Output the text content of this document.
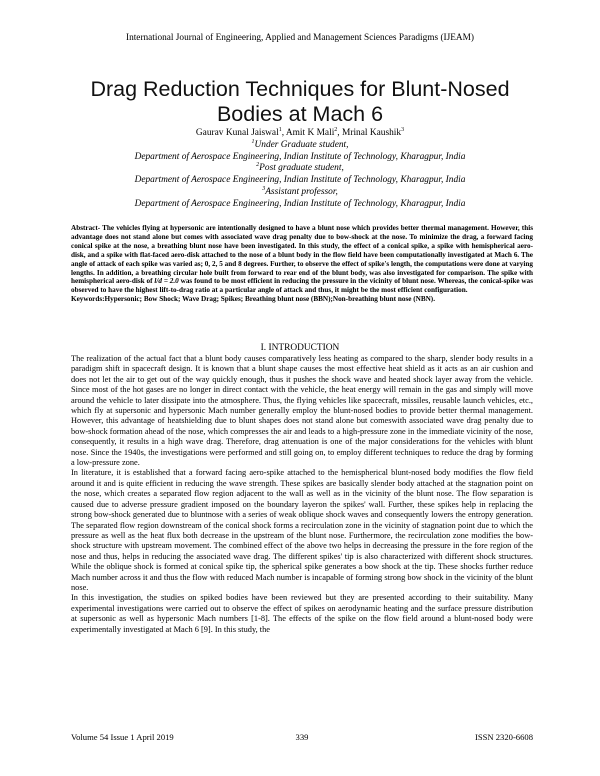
International Journal of Engineering, Applied and Management Sciences Paradigms (IJEAM)
Drag Reduction Techniques for Blunt-Nosed
Bodies at Mach 6
Gaurav Kunal Jaiswal$^1$, Amit K Mali$^2$, Mrinal Kaushik$^3$
$^1$Under Graduate student,
Department of Aerospace Engineering, Indian Institute of Technology, Kharagpur, India
$^2$Post graduate student,
Department of Aerospace Engineering, Indian Institute of Technology, Kharagpur, India
$^3$Assistant professor,
Department of Aerospace Engineering, Indian Institute of Technology, Kharagpur, India
Abstract- The vehicles flying at hypersonic are intentionally designed to have a blunt nose which provides better thermal management. However, this advantage does not stand alone but comes with associated wave drag penalty due to bow-shock at the nose. To minimize the drag, a forward facing conical spike at the nose, a breathing blunt nose have been investigated. In this study, the effect of a conical spike, a spike with hemispherical aero-disk, and a spike with flat-faced aero-disk attached to the nose of a blunt body in the flow field have been computationally investigated at Mach 6. The angle of attack of each spike was varied as; 0, 2, 5 and 8 degrees. Further, to observe the effect of spike's length, the computations were done at varying lengths. In addition, a breathing circular hole built from forward to rear end of the blunt body, was also investigated for comparison. The spike with hemispherical aero-disk of l/d = 2.0 was found to be most efficient in reducing the pressure in the vicinity of blunt nose. Whereas, the conical-spike was observed to have the highest lift-to-drag ratio at a particular angle of attack and thus, it might be the most efficient configuration.
Keywords:Hypersonic; Bow Shock; Wave Drag; Spikes; Breathing blunt nose (BBN);Non-breathing blunt nose (NBN).
I. INTRODUCTION

The realization of the actual fact that a blunt body causes comparatively less heating as compared to the sharp, slender body results in a paradigm shift in spacecraft design. It is known that a blunt shape causes the most effective heat shield as it acts as an air cushion and does not let the air to get out of the way quickly enough, thus it pushes the shock wave and heated shock layer away from the vehicle. Since most of the hot gases are no longer in direct contact with the vehicle, the heat energy will remain in the gas and simply will move around the vehicle to later dissipate into the atmosphere. Thus, the flying vehicles like spacecraft, missiles, reusable launch vehicles, etc., which fly at supersonic and hypersonic Mach number generally employ the blunt-nosed bodies to provide better thermal management. However, this advantage of heatshielding due to blunt shapes does not stand alone but comeswith associated wave drag penalty due to bow-shock formation ahead of the nose, which compresses the air and leads to a high-pressure zone in the immediate vicinity of the nose, consequently, it results in a high wave drag. Therefore, drag attenuation is one of the major considerations for the vehicles with blunt nose. Since the 1940s, the investigations were performed and still going on, to employ different techniques to reduce the drag by forming a low-pressure zone.

In literature, it is established that a forward facing aero-spike attached to the hemispherical blunt-nosed body modifies the flow field around it and is quite efficient in reducing the wave strength. These spikes are basically slender body attached at the stagnation point on the nose, which creates a separated flow region adjacent to the wall as well as in the vicinity of the blunt nose. The flow separation is caused due to adverse pressure gradient imposed on the boundary layeron the spikes' wall. Further, these spikes help in replacing the strong bow-shock generated due to bluntnose with a series of weak oblique shock waves and consequently lowers the entropy generation. The separated flow region downstream of the conical shock forms a recirculation zone in the vicinity of stagnation point due to which the pressure as well as the heat flux both decrease in the upstream of the blunt nose. Furthermore, the recirculation zone modifies the bow-shock structure with upstream movement. The combined effect of the above two helps in decreasing the pressure in the fore region of the nose and thus, helps in reducing the associated wave drag. The different spikes' tip is also characterized with different shock structures. While the oblique shock is formed at conical spike tip, the spherical spike generates a bow shock at the tip. These shocks further reduce Mach number across it and thus the flow with reduced Mach number is incapable of forming strong bow shock in the vicinity of the blunt nose.

In this investigation, the studies on spiked bodies have been reviewed but they are presented according to their suitability. Many experimental investigations were carried out to observe the effect of spikes on aerodynamic heating and the surface pressure distribution at supersonic as well as hypersonic Mach numbers [1-8]. The effects of the spike on the flow field around a blunt-nosed body were experimentally investigated at Mach 6 [9]. In this study, the

Volume 54 Issue 1 April 2019	339	ISSN 2320-6608
